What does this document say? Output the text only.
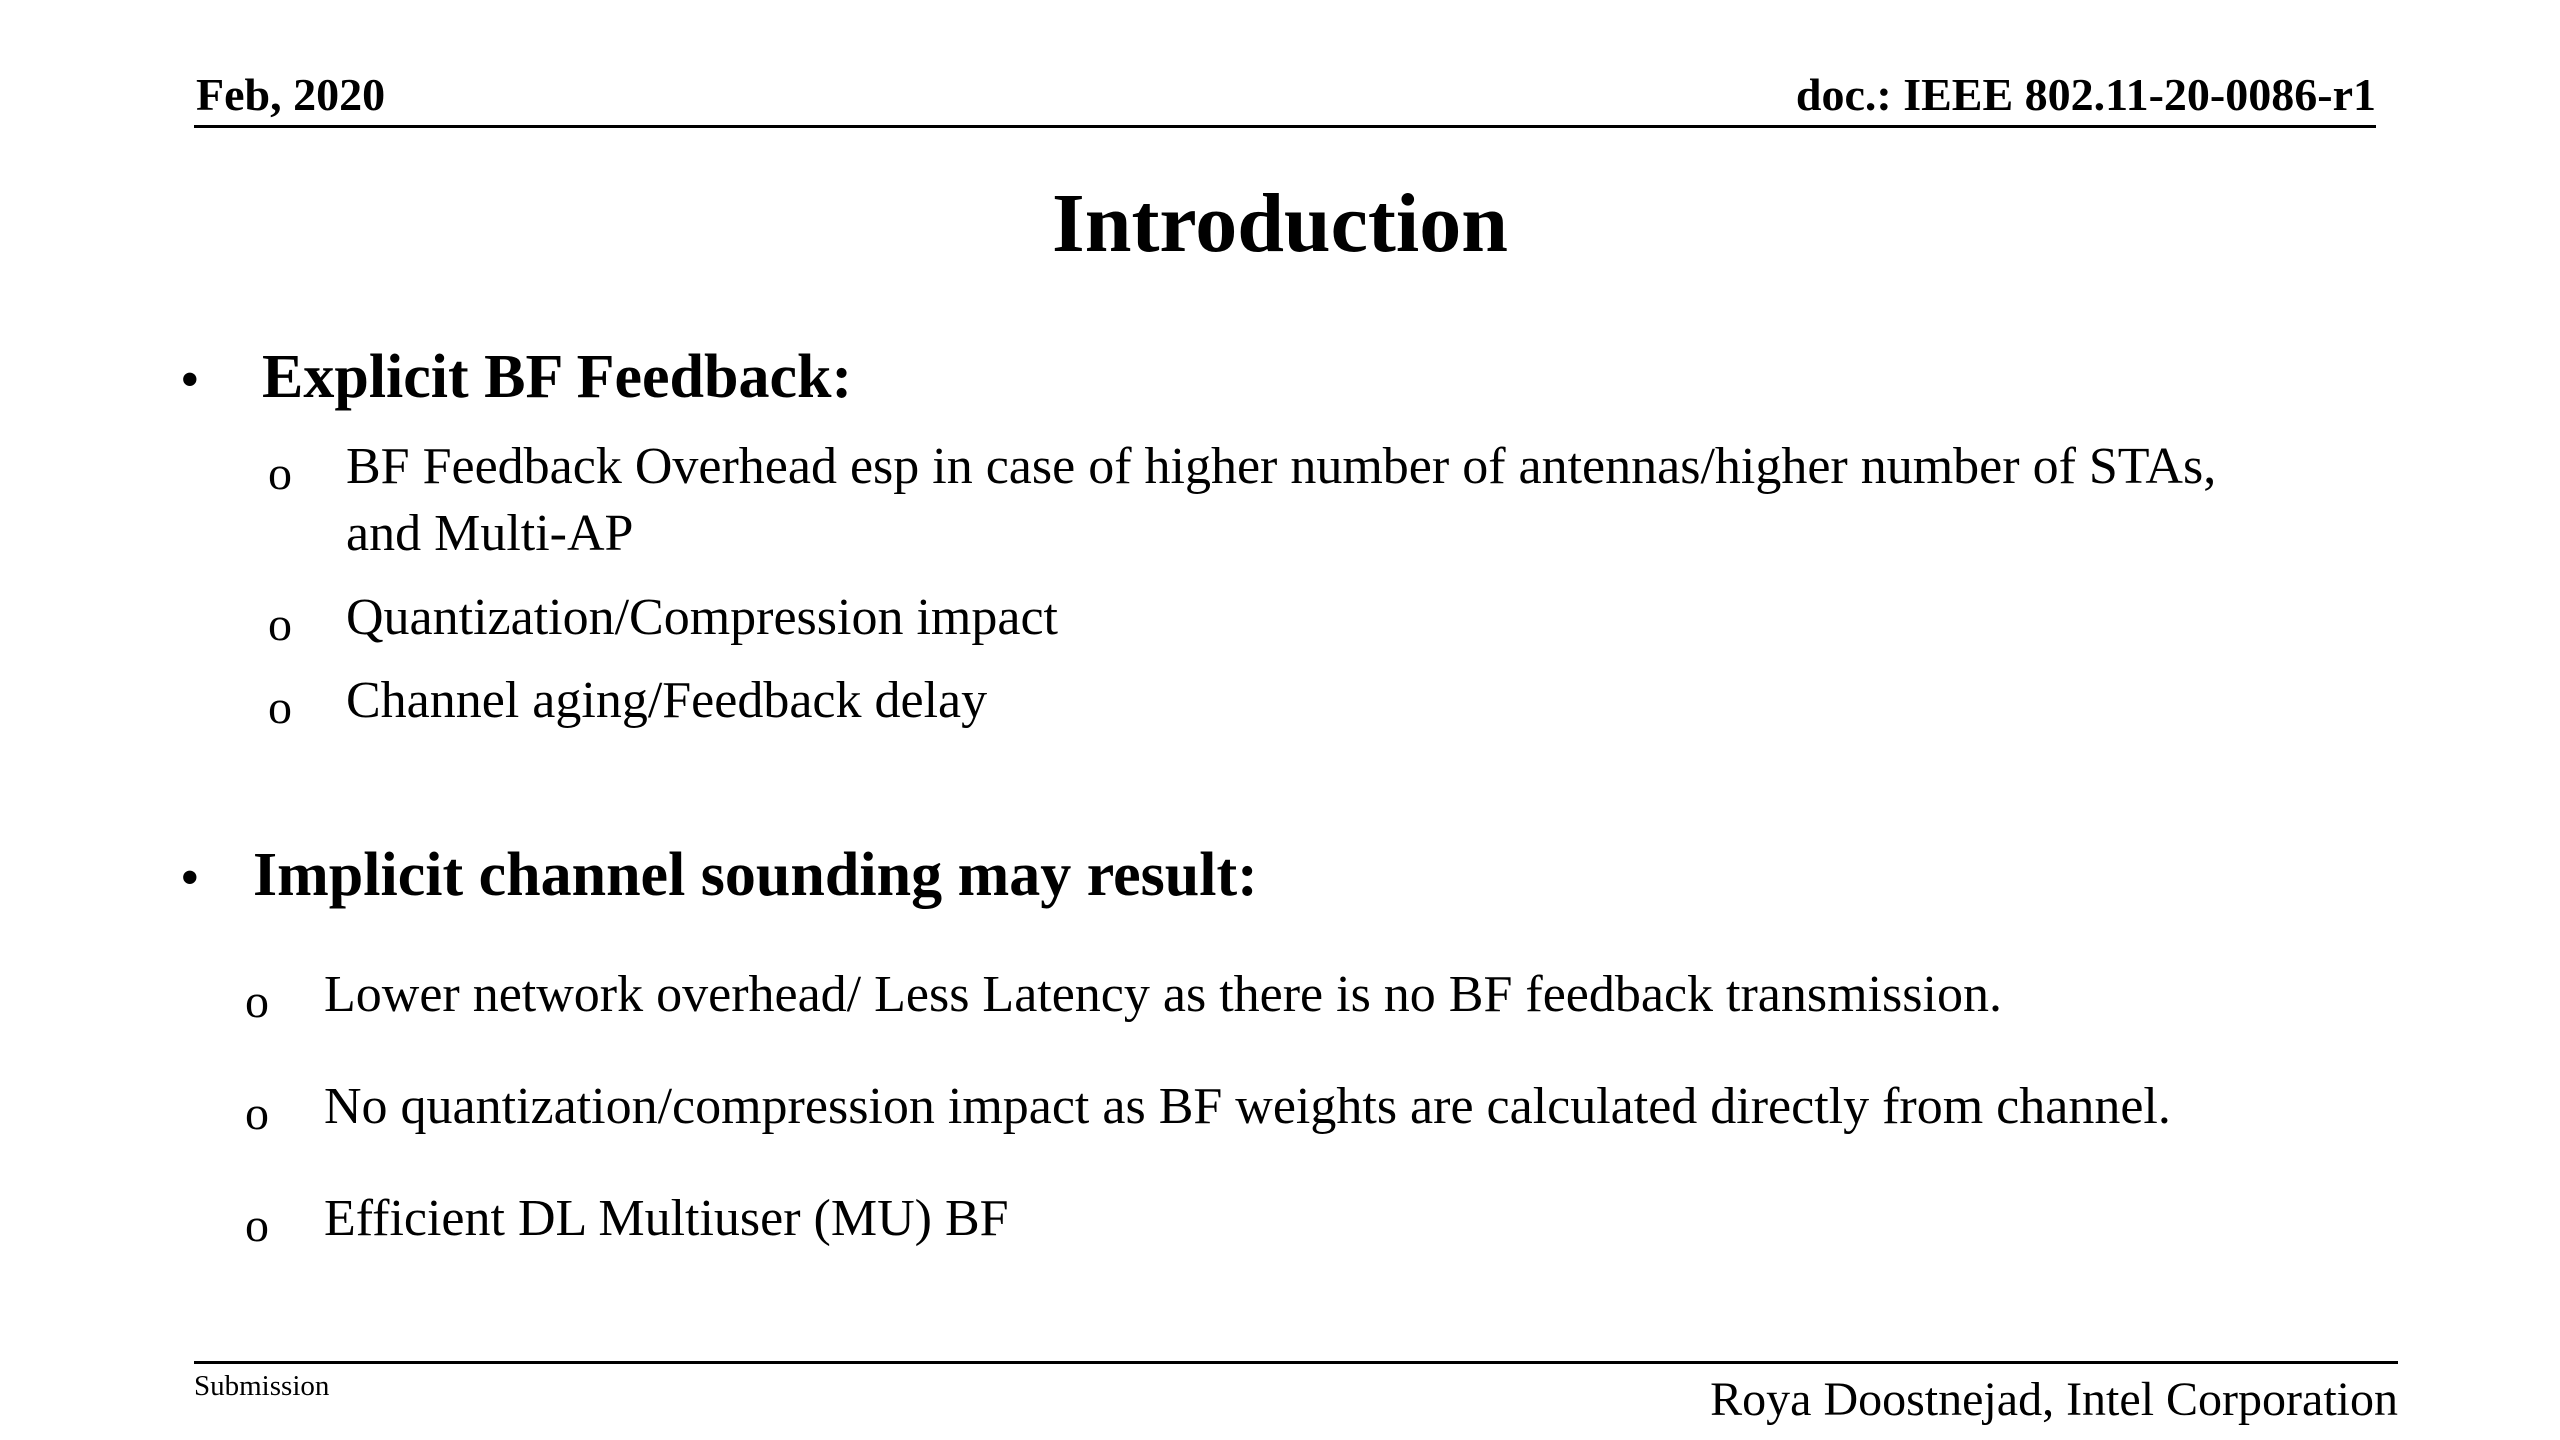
Feb, 2020	doc.: IEEE 802.11-20-0086-r1
Introduction
• Explicit BF Feedback:
o BF Feedback Overhead esp in case of higher number of antennas/higher number of STAs,
and Multi-AP
o Quantization/Compression impact
o Channel aging/Feedback delay
• Implicit channel sounding may result:
o Lower network overhead/ Less Latency as there is no BF feedback transmission.
o No quantization/compression impact as BF weights are calculated directly from channel.
o Efficient DL Multiuser (MU) BF
Submission	Roya Doostnejad, Intel Corporation
